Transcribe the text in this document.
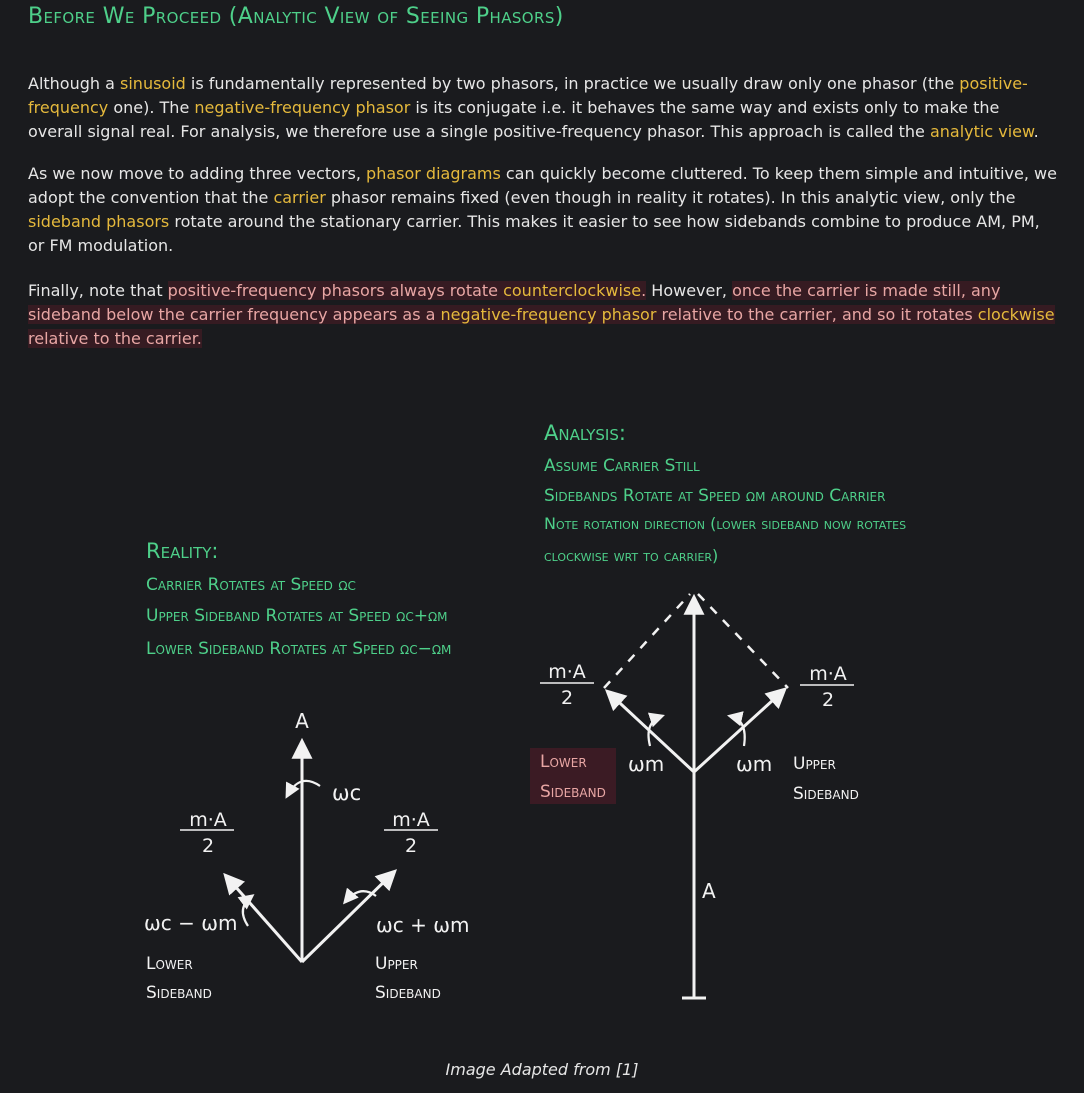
Before We Proceed (Analytic View of Seeing Phasors)

Although a sinusoid is fundamentally represented by two phasors, in practice we usually draw only one phasor (the positive-frequency one). The negative-frequency phasor is its conjugate i.e. it behaves the same way and exists only to make the overall signal real. For analysis, we therefore use a single positive-frequency phasor. This approach is called the analytic view.

As we now move to adding three vectors, phasor diagrams can quickly become cluttered. To keep them simple and intuitive, we adopt the convention that the carrier phasor remains fixed (even though in reality it rotates). In this analytic view, only the sideband phasors rotate around the stationary carrier. This makes it easier to see how sidebands combine to produce AM, PM, or FM modulation.

Finally, note that positive-frequency phasors always rotate counterclockwise. However, once the carrier is made still, any sideband below the carrier frequency appears as a negative-frequency phasor relative to the carrier, and so it rotates clockwise relative to the carrier.

Reality:
Carrier Rotates at Speed ωc
Upper Sideband Rotates at Speed ωc+ωm
Lower Sideband Rotates at Speed ωc−ωm
A
ωc
m·A
2
m·A
2
ωc − ωm	ωc + ωm
Lower
Sideband
Upper
Sideband
Analysis:
Assume Carrier Still
Sidebands Rotate at Speed ωm around Carrier
Note rotation direction (lower sideband now rotates
clockwise wrt to carrier)
m·A
2
m·A
2
ωm	ωm
Lower
Sideband
Upper
Sideband
A

Image Adapted from [1]
